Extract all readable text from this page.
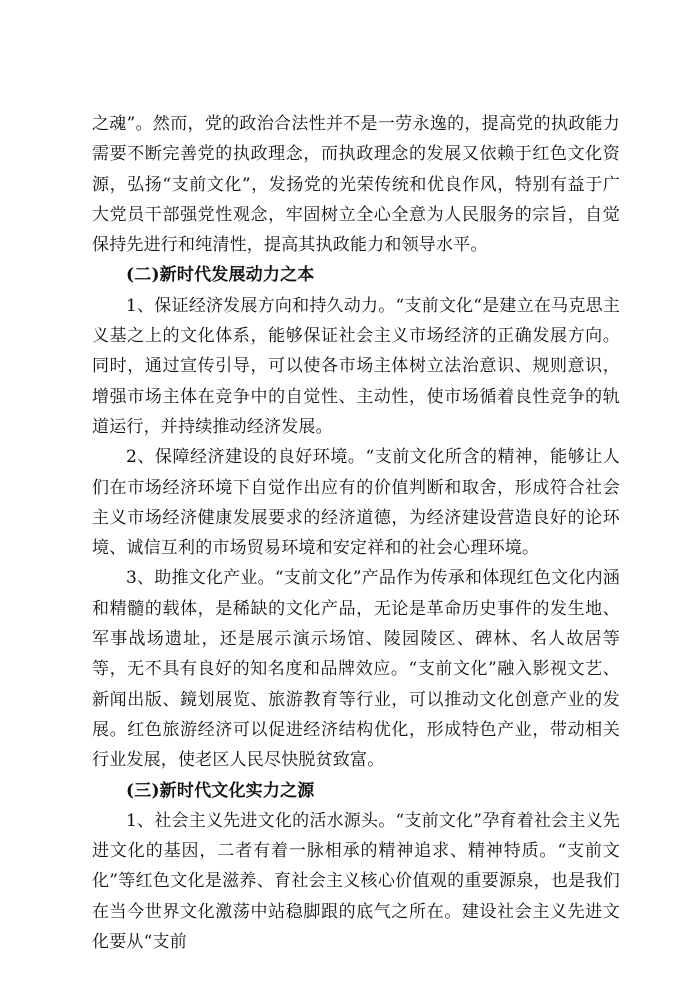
之魂”。然而，党的政治合法性并不是一劳永逸的，提高党的执政能力需要不断完善党的执政理念，而执政理念的发展又依赖于红色文化资源，弘扬“支前文化”，发扬党的光荣传统和优良作风，特别有益于广大党员干部强党性观念，牢固树立全心全意为人民服务的宗旨，自觉保持先进行和纯清性，提高其执政能力和领导水平。

(二)新时代发展动力之本

1、保证经济发展方向和持久动力。“支前文化“是建立在马克思主义基之上的文化体系，能够保证社会主义市场经济的正确发展方向。同时，通过宣传引导，可以使各市场主体树立法治意识、规则意识，增强市场主体在竞争中的自觉性、主动性，使市场循着良性竞争的轨道运行，并持续推动经济发展。

2、保障经济建设的良好环境。“支前文化所含的精神，能够让人们在市场经济环境下自觉作出应有的价值判断和取舍，形成符合社会主义市场经济健康发展要求的经济道德，为经济建设营造良好的论环境、诚信互利的市场贸易环境和安定祥和的社会心理环境。

3、助推文化产业。“支前文化”产品作为传承和体现红色文化内涵和精髓的载体，是稀缺的文化产品，无论是革命历史事件的发生地、军事战场遗址，还是展示演示场馆、陵园陵区、碑林、名人故居等等，无不具有良好的知名度和品牌效应。“支前文化”融入影视文艺、新闻出版、鏡划展览、旅游教育等行业，可以推动文化创意产业的发展。红色旅游经济可以促进经济结构优化，形成特色产业，带动相关行业发展，使老区人民尽快脱贫致富。

(三)新时代文化实力之源

1、社会主义先进文化的活水源头。“支前文化”孕育着社会主义先进文化的基因，二者有着一脉相承的精神追求、精神特质。“支前文化”等红色文化是滋养、育社会主义核心价值观的重要源泉，也是我们在当今世界文化激荡中站稳脚跟的底气之所在。建设社会主义先进文化要从“支前
